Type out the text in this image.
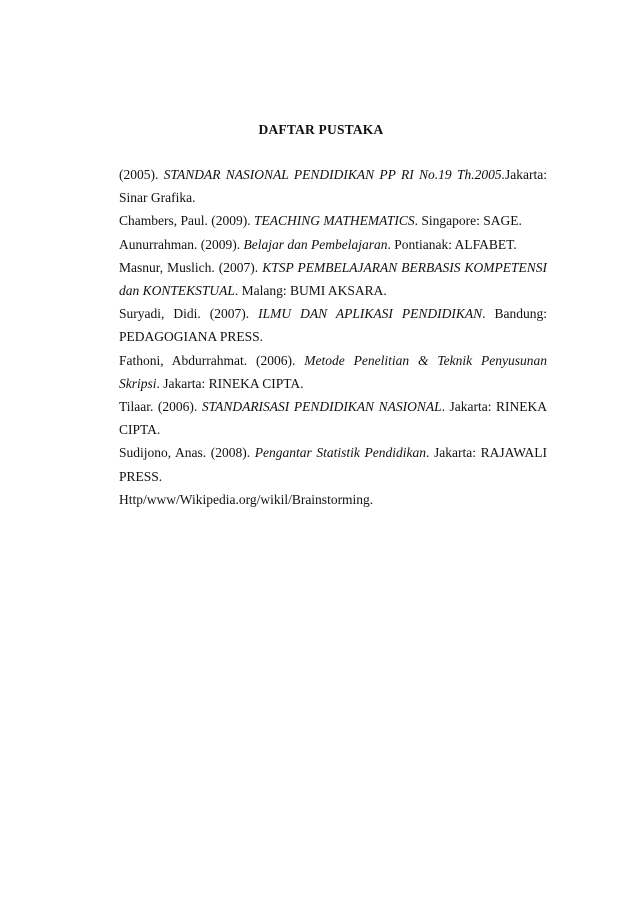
DAFTAR PUSTAKA

(2005). STANDAR NASIONAL PENDIDIKAN PP RI No.19 Th.2005.Jakarta: Sinar Grafika.

Chambers, Paul. (2009). TEACHING MATHEMATICS. Singapore: SAGE.

Aunurrahman. (2009). Belajar dan Pembelajaran. Pontianak: ALFABET.

Masnur, Muslich. (2007). KTSP PEMBELAJARAN BERBASIS KOMPETENSI dan KONTEKSTUAL. Malang: BUMI AKSARA.

Suryadi, Didi. (2007). ILMU DAN APLIKASI PENDIDIKAN. Bandung: PEDAGOGIANA PRESS.

Fathoni, Abdurrahmat. (2006). Metode Penelitian & Teknik Penyusunan Skripsi. Jakarta: RINEKA CIPTA.

Tilaar. (2006). STANDARISASI PENDIDIKAN NASIONAL. Jakarta: RINEKA CIPTA.

Sudijono, Anas. (2008). Pengantar Statistik Pendidikan. Jakarta: RAJAWALI PRESS.

Http/www/Wikipedia.org/wikil/Brainstorming.
